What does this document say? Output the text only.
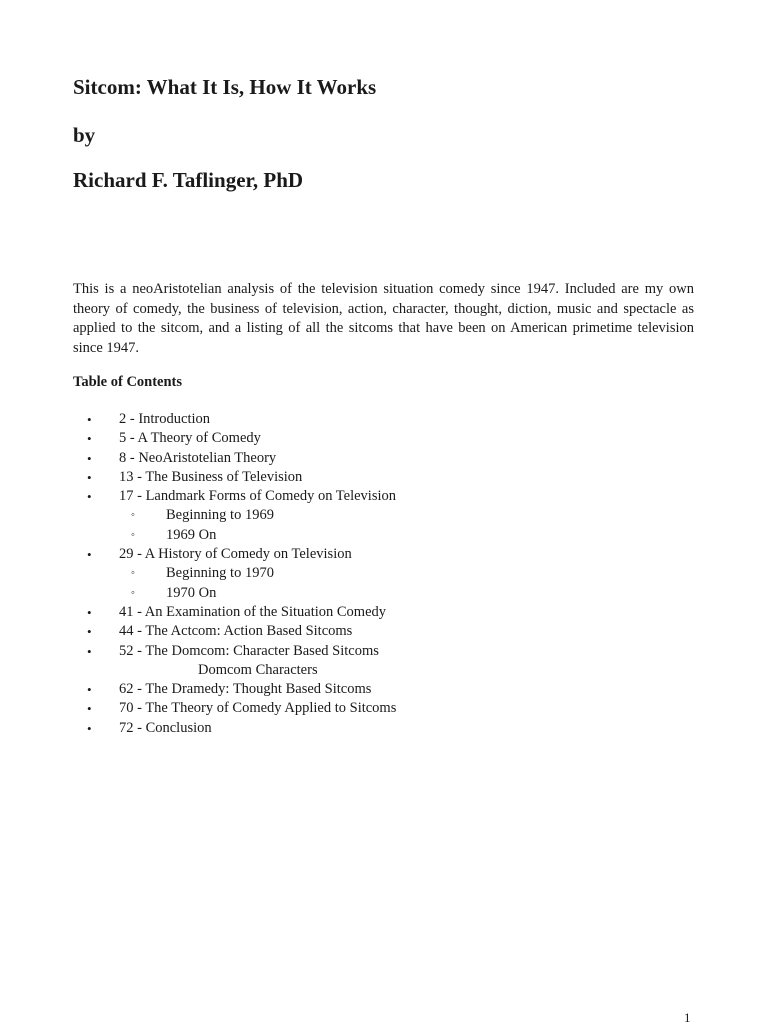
Sitcom: What It Is, How It Works
by
Richard F. Taflinger, PhD

This is a neoAristotelian analysis of the television situation comedy since 1947. Included are my own theory of comedy, the business of television, action, character, thought, diction, music and spectacle as applied to the sitcom, and a listing of all the sitcoms that have been on American primetime television since 1947.

Table of Contents

• 2 - Introduction
• 5 - A Theory of Comedy
• 8 - NeoAristotelian Theory
• 13 - The Business of Television
• 17 - Landmark Forms of Comedy on Television
◦ Beginning to 1969
◦ 1969 On
• 29 - A History of Comedy on Television
◦ Beginning to 1970
◦ 1970 On
• 41 - An Examination of the Situation Comedy
• 44 - The Actcom: Action Based Sitcoms
• 52 - The Domcom: Character Based Sitcoms
Domcom Characters
• 62 - The Dramedy: Thought Based Sitcoms
• 70 - The Theory of Comedy Applied to Sitcoms
• 72 - Conclusion
1
